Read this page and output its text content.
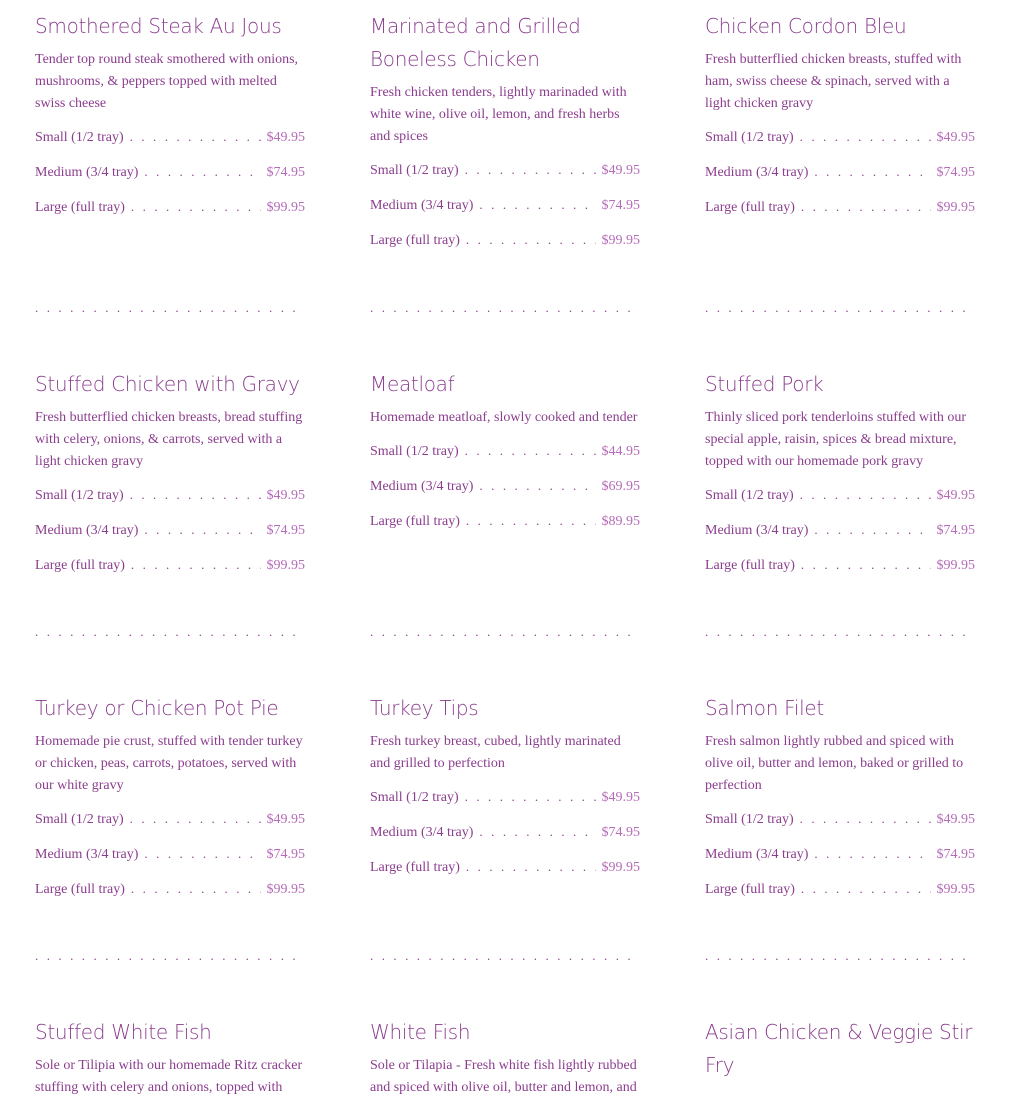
Smothered Steak Au Jous

Tender top round steak smothered with onions, mushrooms, & peppers topped with melted swiss cheese

Small (1/2 tray) . . .	$49.95
Medium (3/4 tray) . . .	$74.95
Large (full tray) . . .	$99.95
Marinated and Grilled Boneless Chicken

Fresh chicken tenders, lightly marinaded with white wine, olive oil, lemon, and fresh herbs and spices

Small (1/2 tray) . . .	$49.95
Medium (3/4 tray) . . .	$74.95
Large (full tray) . . .	$99.95
Chicken Cordon Bleu

Fresh butterflied chicken breasts, stuffed with ham, swiss cheese & spinach, served with a light chicken gravy

Small (1/2 tray) . . .	$49.95
Medium (3/4 tray) . . .	$74.95
Large (full tray) . . .	$99.95
. . .
. . .
. . .
Stuffed Chicken with Gravy

Fresh butterflied chicken breasts, bread stuffing with celery, onions, & carrots, served with a light chicken gravy

Small (1/2 tray) . . .	$49.95
Medium (3/4 tray) . . .	$74.95
Large (full tray) . . .	$99.95
Meatloaf

Homemade meatloaf, slowly cooked and tender

Small (1/2 tray) . . .	$44.95
Medium (3/4 tray) . . .	$69.95
Large (full tray) . . .	$89.95
Stuffed Pork

Thinly sliced pork tenderloins stuffed with our special apple, raisin, spices & bread mixture, topped with our homemade pork gravy

Small (1/2 tray) . . .	$49.95
Medium (3/4 tray) . . .	$74.95
Large (full tray) . . .	$99.95
. . .
. . .
. . .
Turkey or Chicken Pot Pie

Homemade pie crust, stuffed with tender turkey or chicken, peas, carrots, potatoes, served with our white gravy

Small (1/2 tray) . . .	$49.95
Medium (3/4 tray) . . .	$74.95
Large (full tray) . . .	$99.95
Turkey Tips

Fresh turkey breast, cubed, lightly marinated and grilled to perfection

Small (1/2 tray) . . .	$49.95
Medium (3/4 tray) . . .	$74.95
Large (full tray) . . .	$99.95
Salmon Filet

Fresh salmon lightly rubbed and spiced with olive oil, butter and lemon, baked or grilled to perfection

Small (1/2 tray) . . .	$49.95
Medium (3/4 tray) . . .	$74.95
Large (full tray) . . .	$99.95
. . .
. . .
. . .
Stuffed White Fish

Sole or Tilipia with our homemade Ritz cracker stuffing with celery and onions, topped with

White Fish

Sole or Tilapia - Fresh white fish lightly rubbed and spiced with olive oil, butter and lemon, and

Asian Chicken & Veggie Stir Fry
